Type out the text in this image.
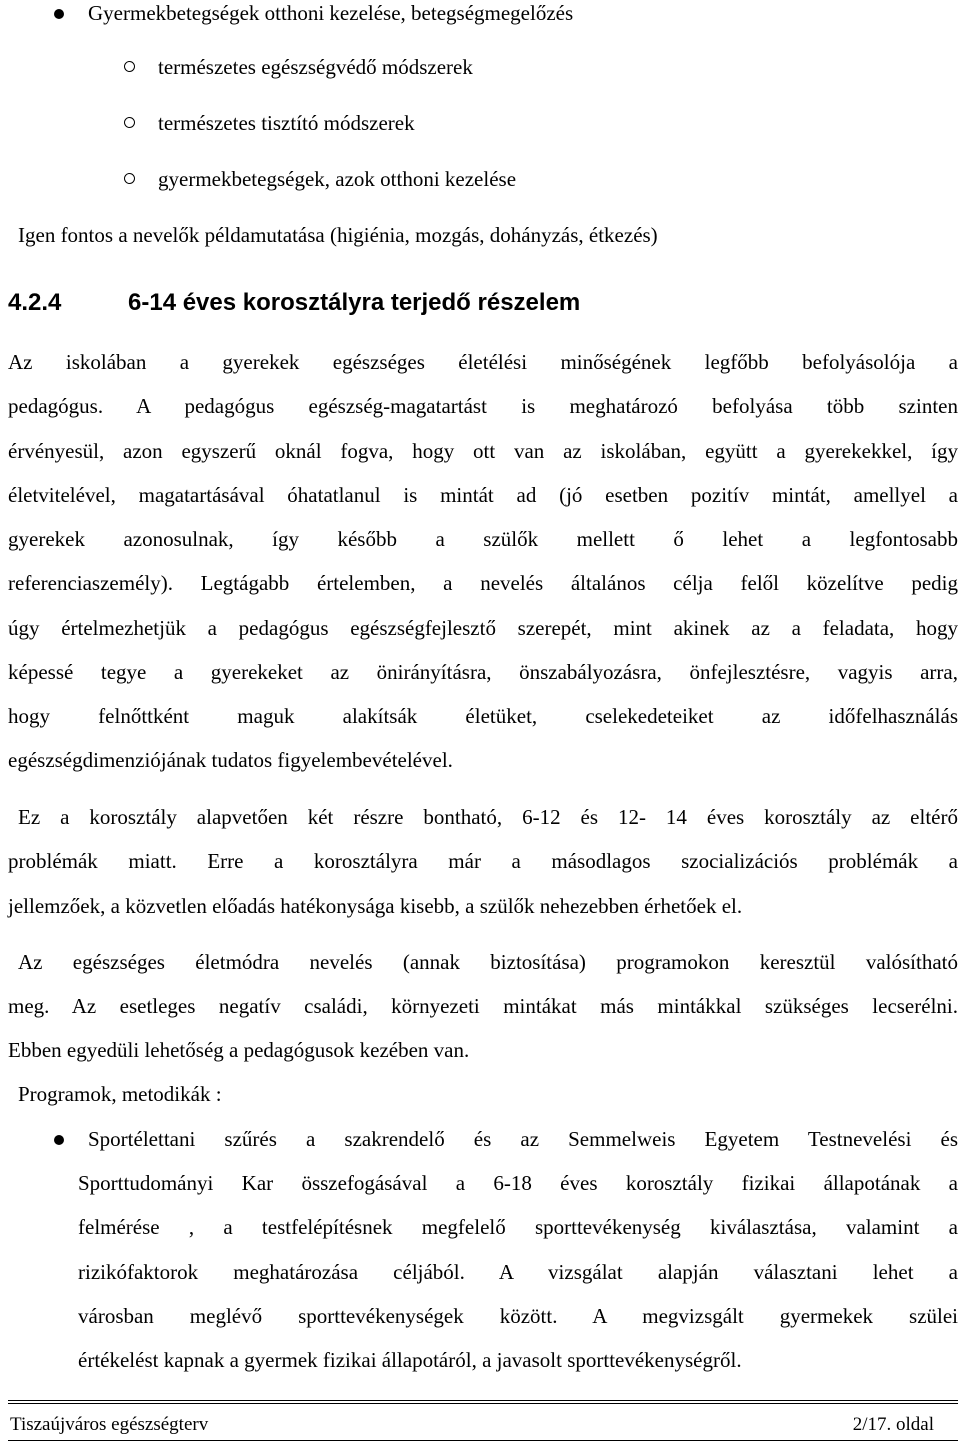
Gyermekbetegségek otthoni kezelése, betegségmegelőzés
természetes egészségvédő módszerek
természetes tisztító módszerek
gyermekbetegségek, azok otthoni kezelése
Igen fontos a nevelők példamutatása (higiénia, mozgás, dohányzás, étkezés)
4.2.4	6-14 éves korosztályra terjedő részelem
Az iskolában a gyerekek egészséges életélési minőségének legfőbb befolyásolója a
pedagógus. A pedagógus egészség-magatartást is meghatározó befolyása több szinten
érvényesül, azon egyszerű oknál fogva, hogy ott van az iskolában, együtt a gyerekekkel, így
életvitelével, magatartásával óhatatlanul is mintát ad (jó esetben pozitív mintát, amellyel a
gyerekek azonosulnak, így később a szülők mellett ő lehet a legfontosabb
referenciaszemély). Legtágabb értelemben, a nevelés általános célja felől közelítve pedig
úgy értelmezhetjük a pedagógus egészségfejlesztő szerepét, mint akinek az a feladata, hogy
képessé tegye a gyerekeket az önirányításra, önszabályozásra, önfejlesztésre, vagyis arra,
hogy felnőttként maguk alakítsák életüket, cselekedeteiket az időfelhasználás
egészségdimenziójának tudatos figyelembevételével.
Ez a korosztály alapvetően két részre bontható, 6-12 és 12- 14 éves korosztály az eltérő
problémák miatt. Erre a korosztályra már a másodlagos szocializációs problémák a
jellemzőek, a közvetlen előadás hatékonysága kisebb, a szülők nehezebben érhetőek el.
Az egészséges életmódra nevelés (annak biztosítása) programokon keresztül valósítható
meg. Az esetleges negatív családi, környezeti mintákat más mintákkal szükséges lecserélni.
Ebben egyedüli lehetőség a pedagógusok kezében van.
Programok, metodikák :
Sportélettani szűrés a szakrendelő és az Semmelweis Egyetem Testnevelési és
Sporttudományi Kar összefogásával a 6-18 éves korosztály fizikai állapotának a
felmérése , a testfelépítésnek megfelelő sporttevékenység kiválasztása, valamint a
rizikófaktorok meghatározása céljából. A vizsgálat alapján választani lehet a
városban meglévő sporttevékenységek között. A megvizsgált gyermekek szülei
értékelést kapnak a gyermek fizikai állapotáról, a javasolt sporttevékenységről.
Tiszaújváros egészségterv	2/17. oldal
